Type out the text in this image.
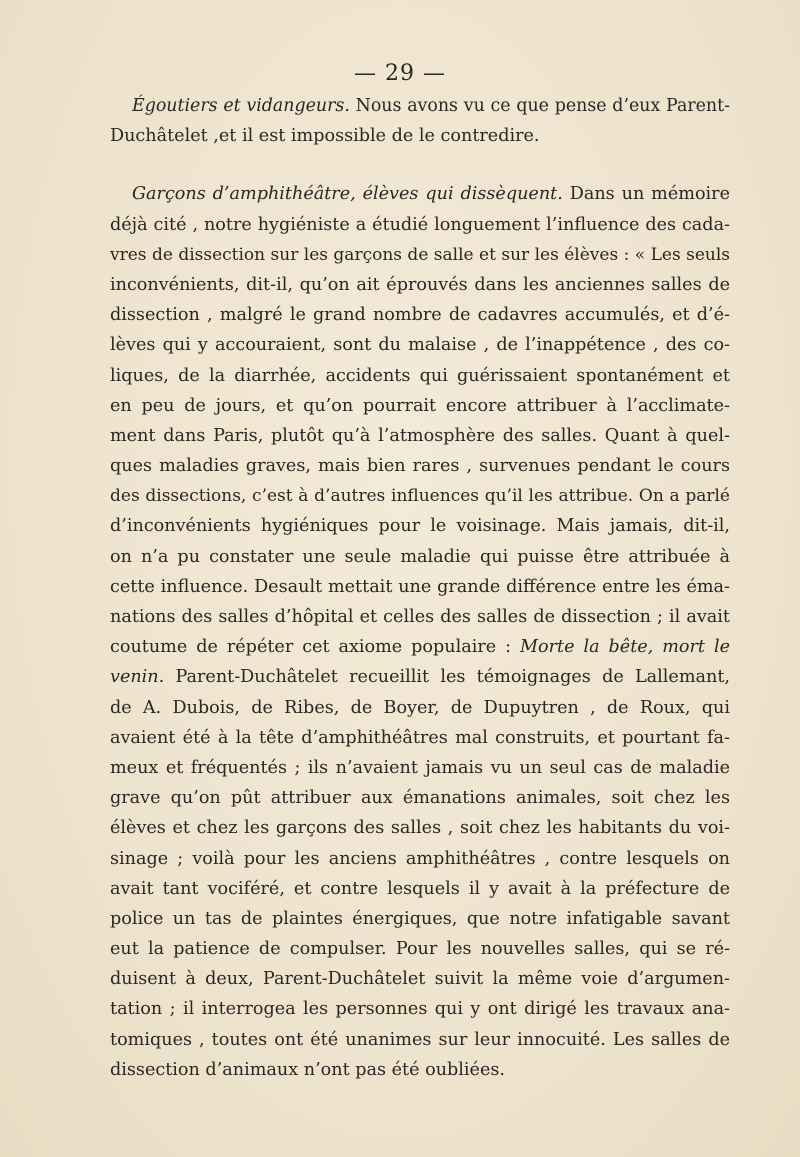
— 29 —
Égoutiers et vidangeurs. Nous avons vu ce que pense d’eux Parent-
Duchâtelet ,et il est impossible de le contredire.
Garçons d’amphithéâtre, élèves qui dissèquent. Dans un mémoire
déjà cité , notre hygiéniste a étudié longuement l’influence des cada-
vres de dissection sur les garçons de salle et sur les élèves : « Les seuls
inconvénients, dit-il, qu’on ait éprouvés dans les anciennes salles de
dissection , malgré le grand nombre de cadavres accumulés, et d’é-
lèves qui y accouraient, sont du malaise , de l’inappétence , des co-
liques, de la diarrhée, accidents qui guérissaient spontanément et
en peu de jours, et qu’on pourrait encore attribuer à l’acclimate-
ment dans Paris, plutôt qu’à l’atmosphère des salles. Quant à quel-
ques maladies graves, mais bien rares , survenues pendant le cours
des dissections, c’est à d’autres influences qu’il les attribue. On a parlé
d’inconvénients hygiéniques pour le voisinage. Mais jamais, dit-il,
on n’a pu constater une seule maladie qui puisse être attribuée à
cette influence. Desault mettait une grande différence entre les éma-
nations des salles d’hôpital et celles des salles de dissection ; il avait
coutume de répéter cet axiome populaire : Morte la bête, mort le
venin. Parent-Duchâtelet recueillit les témoignages de Lallemant,
de A. Dubois, de Ribes, de Boyer, de Dupuytren , de Roux, qui
avaient été à la tête d’amphithéâtres mal construits, et pourtant fa-
meux et fréquentés ; ils n’avaient jamais vu un seul cas de maladie
grave qu’on pût attribuer aux émanations animales, soit chez les
élèves et chez les garçons des salles , soit chez les habitants du voi-
sinage ; voilà pour les anciens amphithéâtres , contre lesquels on
avait tant vociféré, et contre lesquels il y avait à la préfecture de
police un tas de plaintes énergiques, que notre infatigable savant
eut la patience de compulser. Pour les nouvelles salles, qui se ré-
duisent à deux, Parent-Duchâtelet suivit la même voie d’argumen-
tation ; il interrogea les personnes qui y ont dirigé les travaux ana-
tomiques , toutes ont été unanimes sur leur innocuité. Les salles de
dissection d’animaux n’ont pas été oubliées.
